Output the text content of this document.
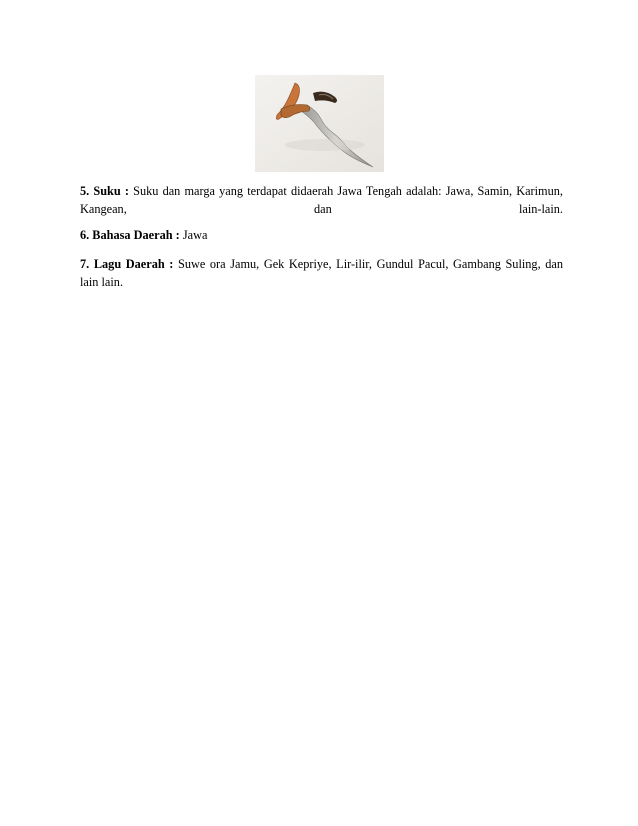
5. Suku : Suku dan marga yang terdapat didaerah Jawa Tengah adalah: Jawa, Samin, Karimun, Kangean, dan lain-lain.
6. Bahasa Daerah : Jawa
7. Lagu Daerah : Suwe ora Jamu, Gek Kepriye, Lir-ilir, Gundul Pacul, Gambang Suling, dan lain lain.
